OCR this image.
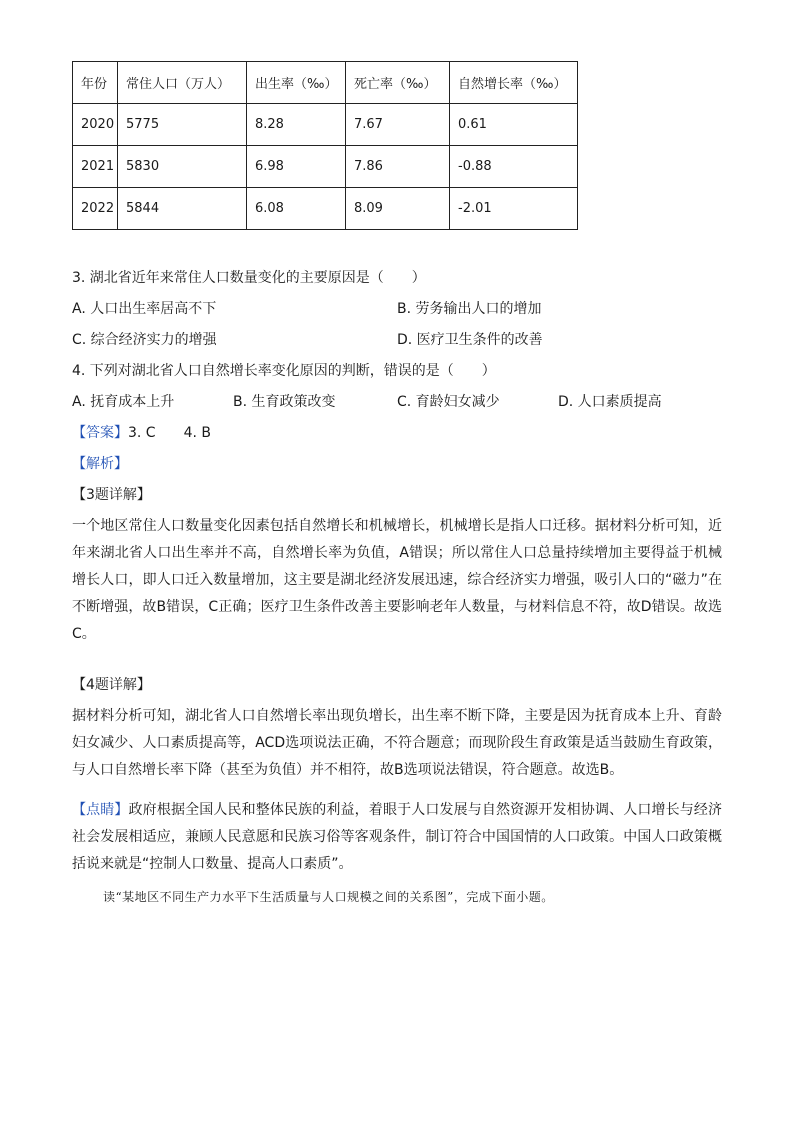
年份	常住人口（万人）	出生率（‰）	死亡率（‰）	自然增长率（‰）
2020	5775	8.28	7.67	0.61
2021	5830	6.98	7.86	-0.88
2022	5844	6.08	8.09	-2.01
3. 湖北省近年来常住人口数量变化的主要原因是（　　）
A. 人口出生率居高不下	B. 劳务输出人口的增加
C. 综合经济实力的增强	D. 医疗卫生条件的改善
4. 下列对湖北省人口自然增长率变化原因的判断，错误的是（　　）
A. 抚育成本上升	B. 生育政策改变	C. 育龄妇女减少	D. 人口素质提高
【答案】3. C　　4. B
【解析】
【3题详解】
一个地区常住人口数量变化因素包括自然增长和机械增长，机械增长是指人口迁移。据材料分析可知，近年来湖北省人口出生率并不高，自然增长率为负值，A错误；所以常住人口总量持续增加主要得益于机械增长人口，即人口迁入数量增加，这主要是湖北经济发展迅速，综合经济实力增强，吸引人口的“磁力”在不断增强，故B错误，C正确；医疗卫生条件改善主要影响老年人数量，与材料信息不符，故D错误。故选C。
【4题详解】
据材料分析可知，湖北省人口自然增长率出现负增长，出生率不断下降，主要是因为抚育成本上升、育龄妇女减少、人口素质提高等，ACD选项说法正确，不符合题意；而现阶段生育政策是适当鼓励生育政策，与人口自然增长率下降（甚至为负值）并不相符，故B选项说法错误，符合题意。故选B。
【点睛】政府根据全国人民和整体民族的利益，着眼于人口发展与自然资源开发相协调、人口增长与经济社会发展相适应，兼顾人民意愿和民族习俗等客观条件，制订符合中国国情的人口政策。中国人口政策概括说来就是“控制人口数量、提高人口素质”。
读“某地区不同生产力水平下生活质量与人口规模之间的关系图”，完成下面小题。
